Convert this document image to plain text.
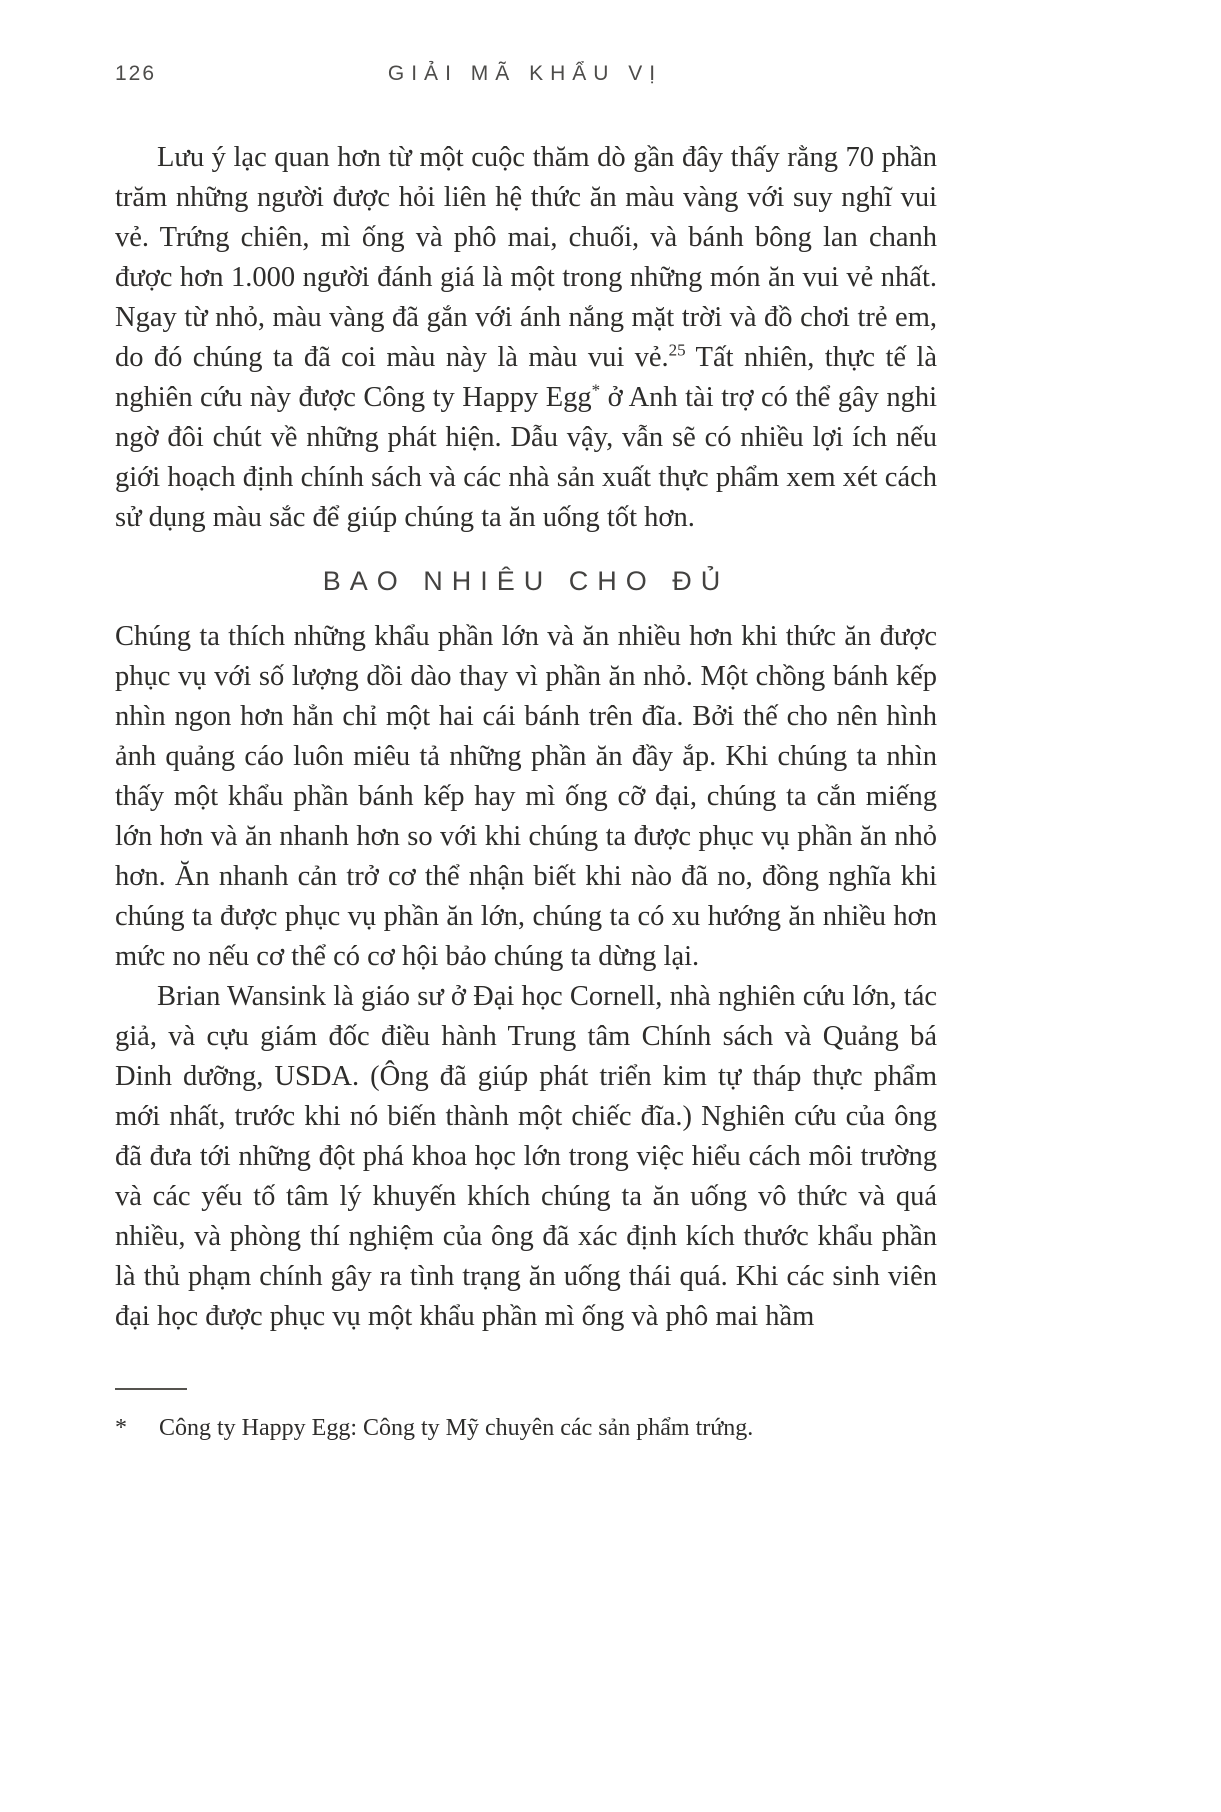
126	GIẢI MÃ KHẨU VỊ

Lưu ý lạc quan hơn từ một cuộc thăm dò gần đây thấy rằng 70 phần trăm những người được hỏi liên hệ thức ăn màu vàng với suy nghĩ vui vẻ. Trứng chiên, mì ống và phô mai, chuối, và bánh bông lan chanh được hơn 1.000 người đánh giá là một trong những món ăn vui vẻ nhất. Ngay từ nhỏ, màu vàng đã gắn với ánh nắng mặt trời và đồ chơi trẻ em, do đó chúng ta đã coi màu này là màu vui vẻ.$^{25}$ Tất nhiên, thực tế là nghiên cứu này được Công ty Happy Egg* ở Anh tài trợ có thể gây nghi ngờ đôi chút về những phát hiện. Dẫu vậy, vẫn sẽ có nhiều lợi ích nếu giới hoạch định chính sách và các nhà sản xuất thực phẩm xem xét cách sử dụng màu sắc để giúp chúng ta ăn uống tốt hơn.

BAO NHIÊU CHO ĐỦ

Chúng ta thích những khẩu phần lớn và ăn nhiều hơn khi thức ăn được phục vụ với số lượng dồi dào thay vì phần ăn nhỏ. Một chồng bánh kếp nhìn ngon hơn hẳn chỉ một hai cái bánh trên đĩa. Bởi thế cho nên hình ảnh quảng cáo luôn miêu tả những phần ăn đầy ắp. Khi chúng ta nhìn thấy một khẩu phần bánh kếp hay mì ống cỡ đại, chúng ta cắn miếng lớn hơn và ăn nhanh hơn so với khi chúng ta được phục vụ phần ăn nhỏ hơn. Ăn nhanh cản trở cơ thể nhận biết khi nào đã no, đồng nghĩa khi chúng ta được phục vụ phần ăn lớn, chúng ta có xu hướng ăn nhiều hơn mức no nếu cơ thể có cơ hội bảo chúng ta dừng lại.

Brian Wansink là giáo sư ở Đại học Cornell, nhà nghiên cứu lớn, tác giả, và cựu giám đốc điều hành Trung tâm Chính sách và Quảng bá Dinh dưỡng, USDA. (Ông đã giúp phát triển kim tự tháp thực phẩm mới nhất, trước khi nó biến thành một chiếc đĩa.) Nghiên cứu của ông đã đưa tới những đột phá khoa học lớn trong việc hiểu cách môi trường và các yếu tố tâm lý khuyến khích chúng ta ăn uống vô thức và quá nhiều, và phòng thí nghiệm của ông đã xác định kích thước khẩu phần là thủ phạm chính gây ra tình trạng ăn uống thái quá. Khi các sinh viên đại học được phục vụ một khẩu phần mì ống và phô mai hầm

*	Công ty Happy Egg: Công ty Mỹ chuyên các sản phẩm trứng.
